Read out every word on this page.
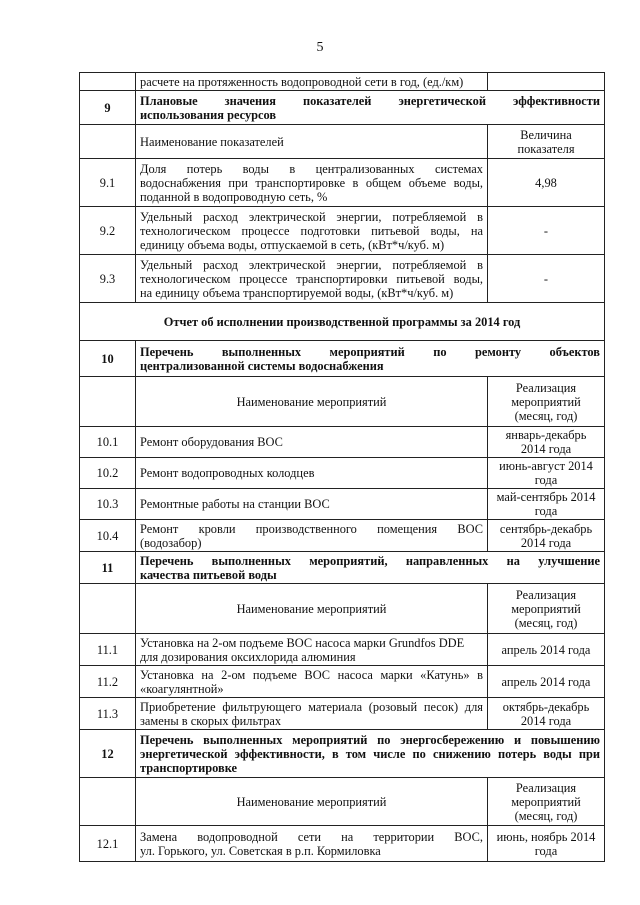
5
	расчете на протяженность водопроводной сети в год, (ед./км)	
9	Плановые значения показателей энергетической эффективности
использования ресурсов	

	Наименование показателей	Величина показателя
9.1	Доля потерь воды в централизованных системах
водоснабжения при транспортировке в общем объеме воды,
поданной в водопроводную сеть, %	4,98
9.2	Удельный расход электрической энергии, потребляемой в
технологическом процессе подготовки питьевой воды, на
единицу объема воды, отпускаемой в сеть, (кВт*ч/куб. м)	-
9.3	Удельный расход электрической энергии, потребляемой в
технологическом процессе транспортировки питьевой воды,
на единицу объема транспортируемой воды, (кВт*ч/куб. м)	-
Отчет об исполнении производственной программы за 2014 год		
10	Перечень выполненных мероприятий по ремонту объектов
централизованной системы водоснабжения	

	Наименование мероприятий	Реализация мероприятий (месяц, год)
10.1	Ремонт оборудования ВОС	январь-декабрь 2014 года
10.2	Ремонт водопроводных колодцев	июнь-август 2014 года
10.3	Ремонтные работы на станции ВОС	май-сентябрь 2014 года
10.4	Ремонт кровли производственного помещения ВОС
(водозабор)	сентябрь-декабрь 2014 года
11	Перечень выполненных мероприятий, направленных на улучшение
качества питьевой воды	

	Наименование мероприятий	Реализация мероприятий (месяц, год)
11.1	Установка на 2-ом подъеме ВОС насоса марки Grundfos DDE
для дозирования оксихлорида алюминия	апрель 2014 года
11.2	Установка на 2-ом подъеме ВОС насоса марки «Катунь» в
«коагулянтной»	апрель 2014 года
11.3	Приобретение фильтрующего материала (розовый песок) для
замены в скорых фильтрах	октябрь-декабрь 2014 года
12	Перечень выполненных мероприятий по энергосбережению и повышению
энергетической эффективности, в том числе по снижению потерь воды при
транспортировке	

	Наименование мероприятий	Реализация мероприятий (месяц, год)
12.1	Замена водопроводной сети на территории ВОС,
ул. Горького, ул. Советская в р.п. Кормиловка	июнь, ноябрь 2014 года
